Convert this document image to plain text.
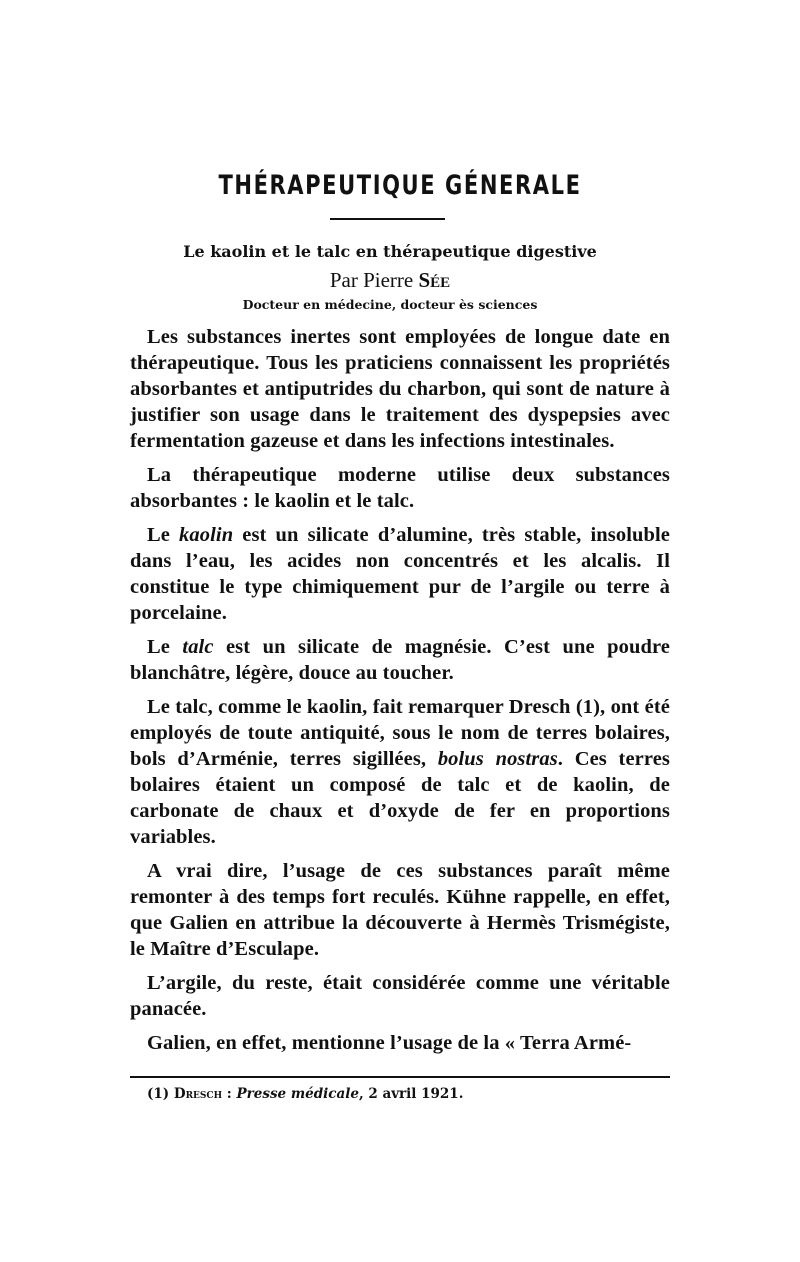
THÉRAPEUTIQUE GÉNERALE
Le kaolin et le talc en thérapeutique digestive
Par Pierre Sée
Docteur en médecine, docteur ès sciences

Les substances inertes sont employées de longue date en thérapeutique. Tous les praticiens connaissent les propriétés absorbantes et antiputrides du charbon, qui sont de nature à justifier son usage dans le traitement des dyspepsies avec fermentation gazeuse et dans les infections intestinales.

La thérapeutique moderne utilise deux substances absorbantes : le kaolin et le talc.

Le kaolin est un silicate d’alumine, très stable, insoluble dans l’eau, les acides non concentrés et les alcalis. Il constitue le type chimiquement pur de l’argile ou terre à porcelaine.

Le talc est un silicate de magnésie. C’est une poudre blanchâtre, légère, douce au toucher.

Le talc, comme le kaolin, fait remarquer Dresch (1), ont été employés de toute antiquité, sous le nom de terres bolaires, bols d’Arménie, terres sigillées, bolus nostras. Ces terres bolaires étaient un composé de talc et de kaolin, de carbonate de chaux et d’oxyde de fer en proportions variables.

A vrai dire, l’usage de ces substances paraît même remonter à des temps fort reculés. Kühne rappelle, en effet, que Galien en attribue la découverte à Hermès Trismégiste, le Maître d’Esculape.

L’argile, du reste, était considérée comme une véritable panacée.

Galien, en effet, mentionne l’usage de la « Terra Armé-

(1) Dresch : Presse médicale, 2 avril 1921.
